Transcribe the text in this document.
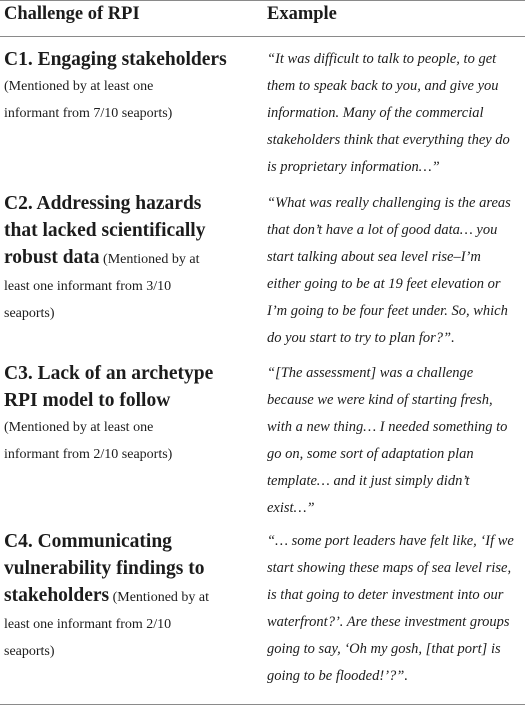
Challenge of RPI	Example
C1. Engaging stakeholders
(Mentioned by at least one
informant from 7/10 seaports)
“It was difficult to talk to people, to get
them to speak back to you, and give you
information. Many of the commercial
stakeholders think that everything they do
is proprietary information…”
C2. Addressing hazards
that lacked scientifically
robust data (Mentioned by at
least one informant from 3/10
seaports)
“What was really challenging is the areas
that don’t have a lot of good data… you
start talking about sea level rise–I’m
either going to be at 19 feet elevation or
I’m going to be four feet under. So, which
do you start to try to plan for?”.
C3. Lack of an archetype
RPI model to follow
(Mentioned by at least one
informant from 2/10 seaports)
“[The assessment] was a challenge
because we were kind of starting fresh,
with a new thing… I needed something to
go on, some sort of adaptation plan
template… and it just simply didn’t
exist…”
C4. Communicating
vulnerability findings to
stakeholders (Mentioned by at
least one informant from 2/10
seaports)
“… some port leaders have felt like, ‘If we
start showing these maps of sea level rise,
is that going to deter investment into our
waterfront?’. Are these investment groups
going to say, ‘Oh my gosh, [that port] is
going to be flooded!’?”.
